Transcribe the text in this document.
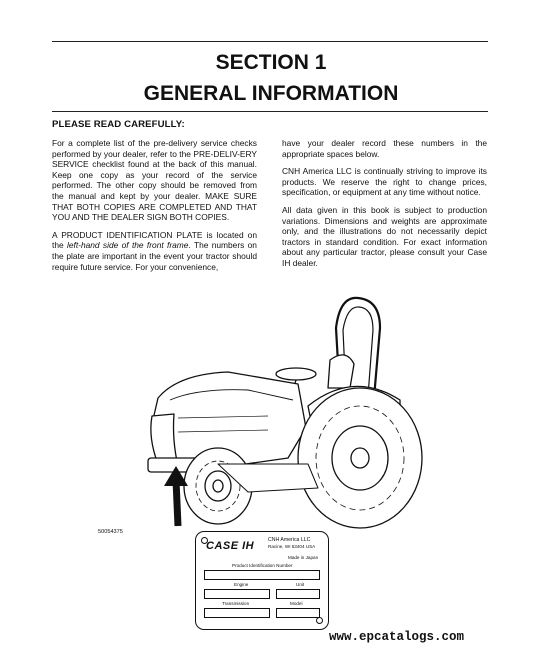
SECTION 1
GENERAL INFORMATION
PLEASE READ CAREFULLY:

For a complete list of the pre-delivery service checks performed by your dealer, refer to the PRE-DELIV-ERY SERVICE checklist found at the back of this manual. Keep one copy as your record of the service performed. The other copy should be removed from the manual and kept by your dealer. MAKE SURE THAT BOTH COPIES ARE COMPLETED AND THAT YOU AND THE DEALER SIGN BOTH COPIES.

A PRODUCT IDENTIFICATION PLATE is located on the left-hand side of the front frame. The numbers on the plate are important in the event your tractor should require future service. For your convenience,

have your dealer record these numbers in the appropriate spaces below.

CNH America LLC is continually striving to improve its products. We reserve the right to change prices, specification, or equipment at any time without notice.

All data given in this book is subject to production variations. Dimensions and weights are approximate only, and the illustrations do not necessarily depict tractors in standard condition. For exact information about any particular tractor, please consult your Case IH dealer.

50054375
CASE IH	CNH America LLC
Racine, WI 53404 USA
Made in Japan
Product Identification Number
Engine	Unit
Transmission	Model
www.epcatalogs.com
